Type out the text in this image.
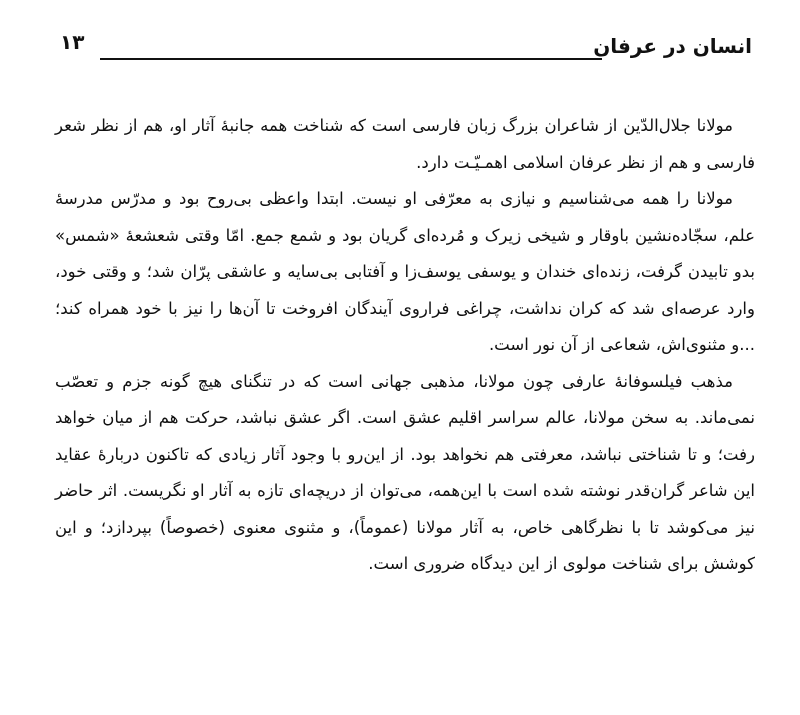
انسان در عرفان
۱۳

مولانا جلال‌الدّین از شاعران بزرگ زبان فارسی است که شناخت همه جانبۀ آثار او، هم از نظر شعر فارسی و هم از نظر عرفان اسلامی اهمـیّـت دارد.

مولانا را همه می‌شناسیم و نیازی به معرّفی او نیست. ابتدا واعظی بی‌روح بود و مدرّس مدرسۀ علم، سجّاده‌نشین باوقار و شیخی زیرک و مُرده‌ای گریان بود و شمع جمع. امّا وقتی شعشعۀ «شمس» بدو تابیدن گرفت، زنده‌ای خندان و یوسفی یوسف‌زا و آفتابی بی‌سایه و عاشقی پرّان شد؛ و وقتی خود، وارد عرصه‌ای شد که کران نداشت، چراغی فراروی آیندگان افروخت تا آن‌ها را نیز با خود همراه کند؛ ...و مثنوی‌اش، شعاعی از آن نور است.

مذهب فیلسوفانۀ عارفی چون مولانا، مذهبی جهانی است که در تنگنای هیچ گونه جزم و تعصّب نمی‌ماند. به سخن مولانا، عالم سراسر اقلیم عشق است. اگر عشق نباشد، حرکت هم از میان خواهد رفت؛ و تا شناختی نباشد، معرفتی هم نخواهد بود. از این‌رو با وجود آثار زیادی که تاکنون دربارۀ عقاید این شاعر گران‌قدر نوشته شده است با این‌همه، می‌توان از دریچه‌ای تازه به آثار او نگریست. اثر حاضر نیز می‌کوشد تا با نظرگاهی خاص، به آثار مولانا (عموماً)، و مثنوی معنوی (خصوصاً) بپردازد؛ و این کوشش برای شناخت مولوی از این دیدگاه ضروری است.
